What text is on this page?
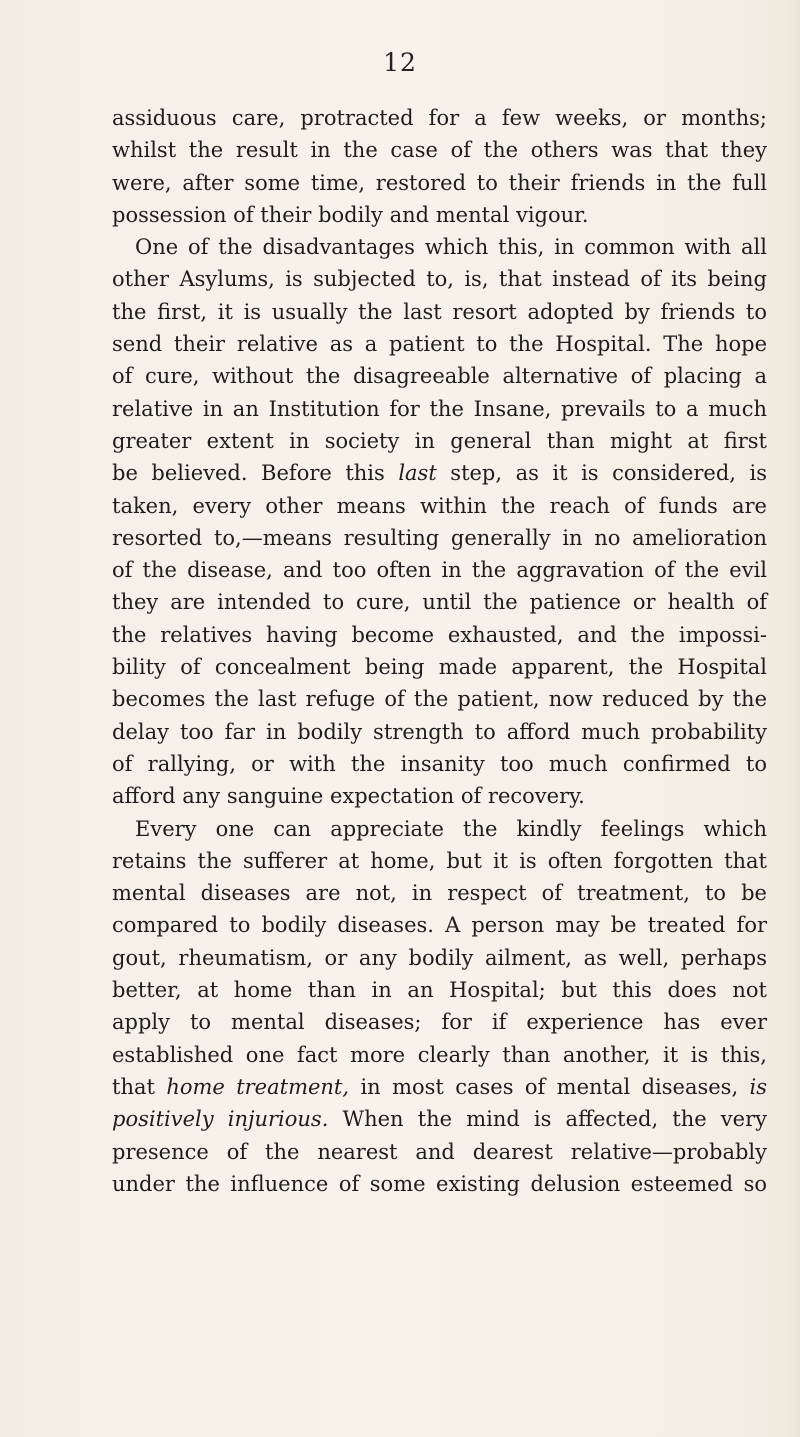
12
assiduous care, protracted for a few weeks, or months;
whilst the result in the case of the others was that they
were, after some time, restored to their friends in the full
possession of their bodily and mental vigour.
One of the disadvantages which this, in common with all
other Asylums, is subjected to, is, that instead of its being
the first, it is usually the last resort adopted by friends to
send their relative as a patient to the Hospital. The hope
of cure, without the disagreeable alternative of placing a
relative in an Institution for the Insane, prevails to a much
greater extent in society in general than might at first
be believed. Before this last step, as it is considered, is
taken, every other means within the reach of funds are
resorted to,—means resulting generally in no amelioration
of the disease, and too often in the aggravation of the evil
they are intended to cure, until the patience or health of
the relatives having become exhausted, and the impossi-
bility of concealment being made apparent, the Hospital
becomes the last refuge of the patient, now reduced by the
delay too far in bodily strength to afford much probability
of rallying, or with the insanity too much confirmed to
afford any sanguine expectation of recovery.
Every one can appreciate the kindly feelings which
retains the sufferer at home, but it is often forgotten that
mental diseases are not, in respect of treatment, to be
compared to bodily diseases. A person may be treated for
gout, rheumatism, or any bodily ailment, as well, perhaps
better, at home than in an Hospital; but this does not
apply to mental diseases; for if experience has ever
established one fact more clearly than another, it is this,
that home treatment, in most cases of mental diseases, is
positively injurious. When the mind is affected, the very
presence of the nearest and dearest relative—probably
under the influence of some existing delusion esteemed so
